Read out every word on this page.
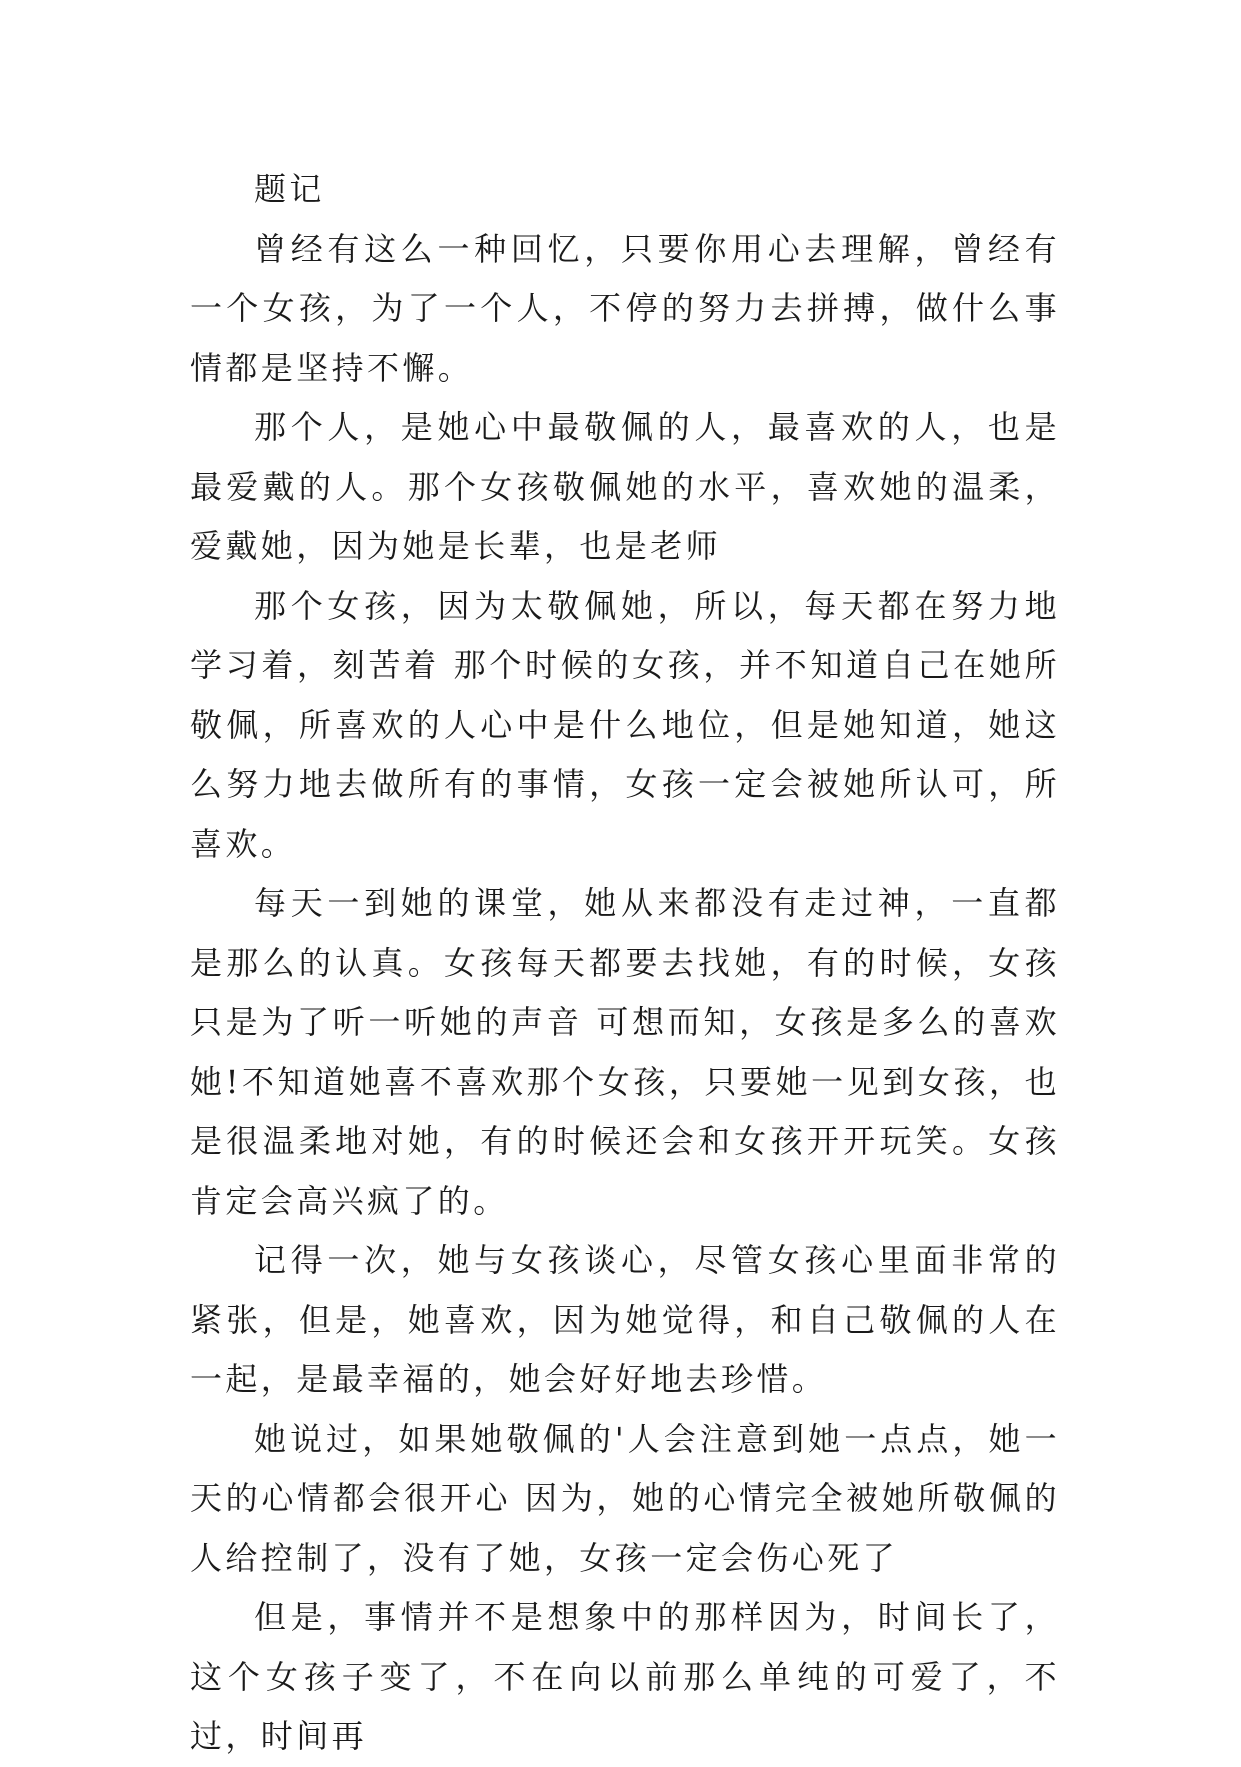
题记

曾经有这么一种回忆，只要你用心去理解，曾经有一个女孩，为了一个人，不停的努力去拼搏，做什么事情都是坚持不懈。

那个人，是她心中最敬佩的人，最喜欢的人，也是最爱戴的人。那个女孩敬佩她的水平，喜欢她的温柔，爱戴她，因为她是长辈，也是老师

那个女孩，因为太敬佩她，所以，每天都在努力地学习着，刻苦着 那个时候的女孩，并不知道自己在她所敬佩，所喜欢的人心中是什么地位，但是她知道，她这么努力地去做所有的事情，女孩一定会被她所认可，所喜欢。

每天一到她的课堂，她从来都没有走过神，一直都是那么的认真。女孩每天都要去找她，有的时候，女孩只是为了听一听她的声音 可想而知，女孩是多么的喜欢她!不知道她喜不喜欢那个女孩，只要她一见到女孩，也是很温柔地对她，有的时候还会和女孩开开玩笑。女孩肯定会高兴疯了的。

记得一次，她与女孩谈心，尽管女孩心里面非常的紧张，但是，她喜欢，因为她觉得，和自己敬佩的人在一起，是最幸福的，她会好好地去珍惜。

她说过，如果她敬佩的'人会注意到她一点点，她一天的心情都会很开心 因为，她的心情完全被她所敬佩的人给控制了，没有了她，女孩一定会伤心死了

但是，事情并不是想象中的那样因为，时间长了，这个女孩子变了，不在向以前那么单纯的可爱了，不过，时间再
